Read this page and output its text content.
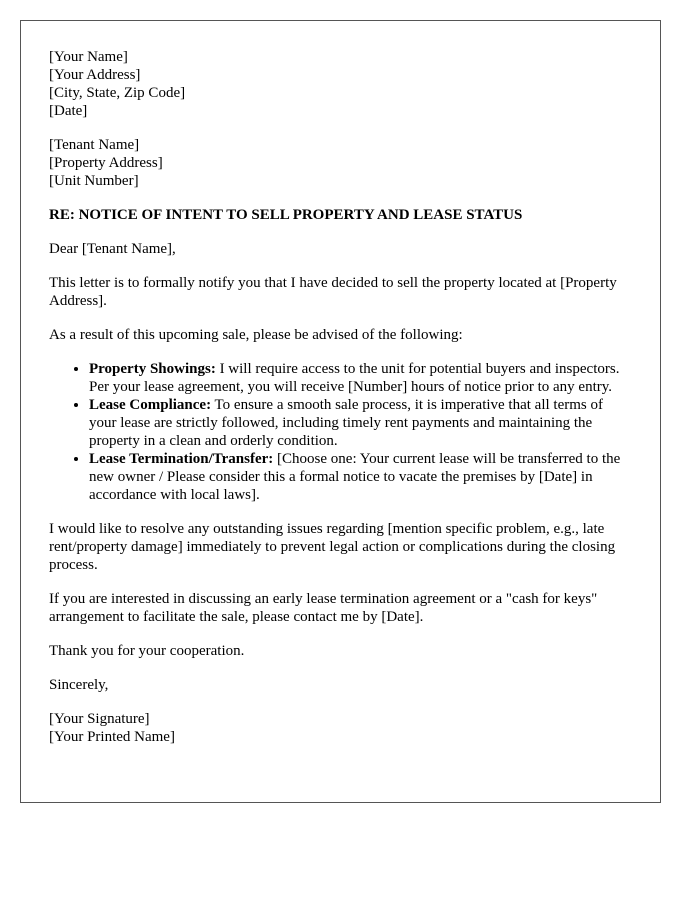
[Your Name]
[Your Address]
[City, State, Zip Code]
[Date]

[Tenant Name]
[Property Address]
[Unit Number]

RE: NOTICE OF INTENT TO SELL PROPERTY AND LEASE STATUS

Dear [Tenant Name],

This letter is to formally notify you that I have decided to sell the property located at [Property Address].

As a result of this upcoming sale, please be advised of the following:

• Property Showings: I will require access to the unit for potential buyers and inspectors. Per your lease agreement, you will receive [Number] hours of notice prior to any entry.
• Lease Compliance: To ensure a smooth sale process, it is imperative that all terms of your lease are strictly followed, including timely rent payments and maintaining the property in a clean and orderly condition.
• Lease Termination/Transfer: [Choose one: Your current lease will be transferred to the new owner / Please consider this a formal notice to vacate the premises by [Date] in accordance with local laws].

I would like to resolve any outstanding issues regarding [mention specific problem, e.g., late rent/property damage] immediately to prevent legal action or complications during the closing process.

If you are interested in discussing an early lease termination agreement or a "cash for keys" arrangement to facilitate the sale, please contact me by [Date].

Thank you for your cooperation.

Sincerely,

[Your Signature]
[Your Printed Name]
